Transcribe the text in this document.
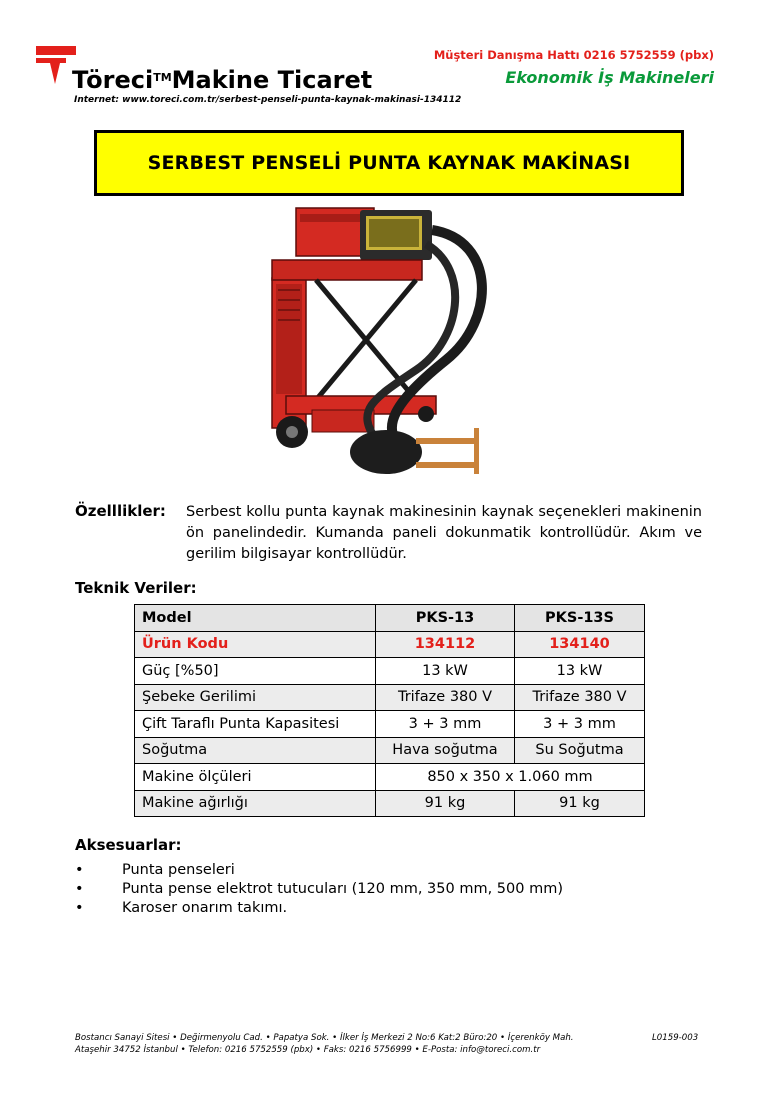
Töreci™Makine Ticaret
Müşteri Danışma Hattı 0216 5752559 (pbx)
Ekonomik İş Makineleri
Internet: www.toreci.com.tr/serbest-penseli-punta-kaynak-makinasi-134112
SERBEST PENSELİ PUNTA KAYNAK MAKİNASI
Özelllikler: Serbest kollu punta kaynak makinesinin kaynak seçenekleri makinenin ön panelindedir. Kumanda paneli dokunmatik kontrollüdür. Akım ve gerilim bilgisayar kontrollüdür.
Teknik Veriler:
Model	PKS-13	PKS-13S
Ürün Kodu	134112	134140
Güç [%50]	13 kW	13 kW
Şebeke Gerilimi	Trifaze 380 V	Trifaze 380 V
Çift Taraflı Punta Kapasitesi	3 + 3 mm	3 + 3 mm
Soğutma	Hava soğutma	Su Soğutma
Makine ölçüleri	850 x 350 x 1.060 mm	
Makine ağırlığı	91 kg	91 kg
Aksesuarlar:
•	Punta penseleri
•	Punta pense elektrot tutucuları (120 mm, 350 mm, 500 mm)
•	Karoser onarım takımı.
Bostancı Sanayi Sitesi • Değirmenyolu Cad. • Papatya Sok. • İlker İş Merkezi 2 No:6 Kat:2 Büro:20 • İçerenköy Mah.
Ataşehir 34752 İstanbul • Telefon: 0216 5752559 (pbx) • Faks: 0216 5756999 • E-Posta: info@toreci.com.tr
L0159-003
